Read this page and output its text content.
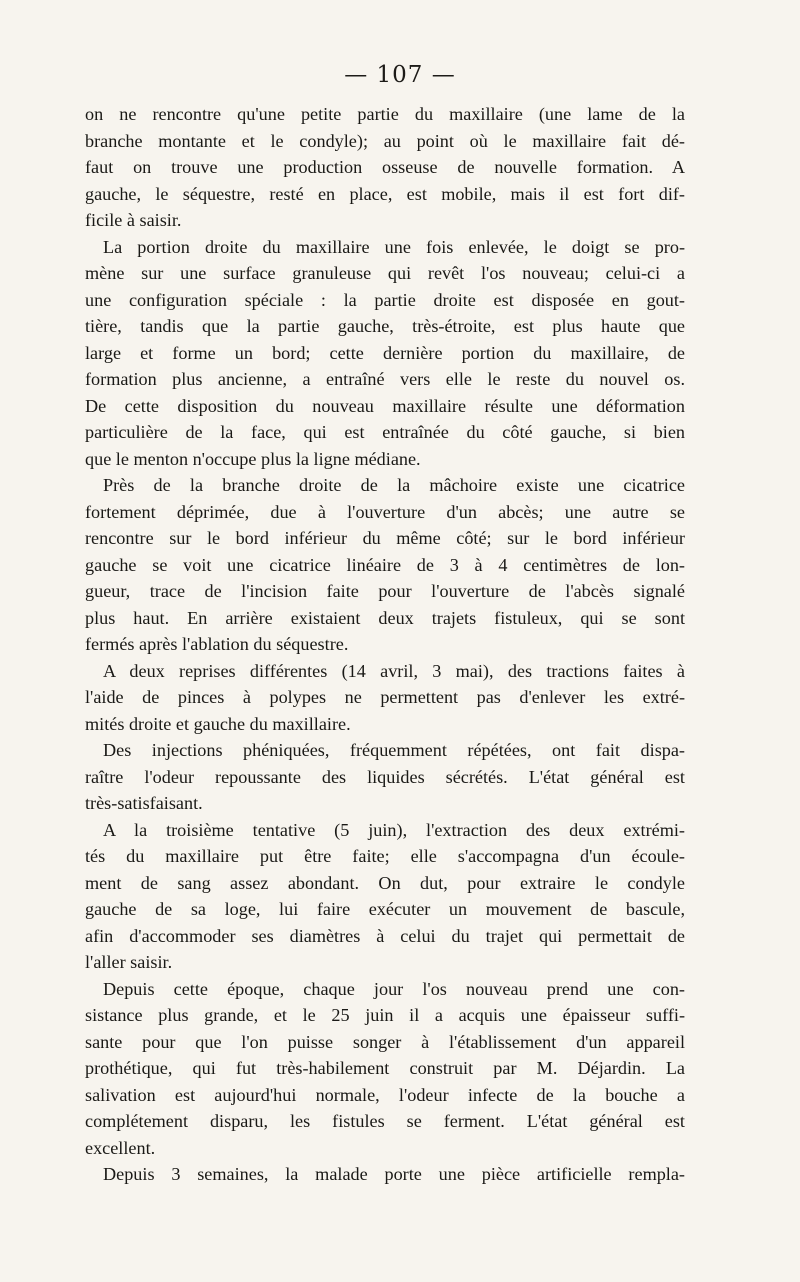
— 107 —
on ne rencontre qu'une petite partie du maxillaire (une lame de la
branche montante et le condyle); au point où le maxillaire fait dé-
faut on trouve une production osseuse de nouvelle formation. A
gauche, le séquestre, resté en place, est mobile, mais il est fort dif-
ficile à saisir.
La portion droite du maxillaire une fois enlevée, le doigt se pro-
mène sur une surface granuleuse qui revêt l'os nouveau; celui-ci a
une configuration spéciale : la partie droite est disposée en gout-
tière, tandis que la partie gauche, très-étroite, est plus haute que
large et forme un bord; cette dernière portion du maxillaire, de
formation plus ancienne, a entraîné vers elle le reste du nouvel os.
De cette disposition du nouveau maxillaire résulte une déformation
particulière de la face, qui est entraînée du côté gauche, si bien
que le menton n'occupe plus la ligne médiane.
Près de la branche droite de la mâchoire existe une cicatrice
fortement déprimée, due à l'ouverture d'un abcès; une autre se
rencontre sur le bord inférieur du même côté; sur le bord inférieur
gauche se voit une cicatrice linéaire de 3 à 4 centimètres de lon-
gueur, trace de l'incision faite pour l'ouverture de l'abcès signalé
plus haut. En arrière existaient deux trajets fistuleux, qui se sont
fermés après l'ablation du séquestre.
A deux reprises différentes (14 avril, 3 mai), des tractions faites à
l'aide de pinces à polypes ne permettent pas d'enlever les extré-
mités droite et gauche du maxillaire.
Des injections phéniquées, fréquemment répétées, ont fait dispa-
raître l'odeur repoussante des liquides sécrétés. L'état général est
très-satisfaisant.
A la troisième tentative (5 juin), l'extraction des deux extrémi-
tés du maxillaire put être faite; elle s'accompagna d'un écoule-
ment de sang assez abondant. On dut, pour extraire le condyle
gauche de sa loge, lui faire exécuter un mouvement de bascule,
afin d'accommoder ses diamètres à celui du trajet qui permettait de
l'aller saisir.
Depuis cette époque, chaque jour l'os nouveau prend une con-
sistance plus grande, et le 25 juin il a acquis une épaisseur suffi-
sante pour que l'on puisse songer à l'établissement d'un appareil
prothétique, qui fut très-habilement construit par M. Déjardin. La
salivation est aujourd'hui normale, l'odeur infecte de la bouche a
complétement disparu, les fistules se ferment. L'état général est
excellent.
Depuis 3 semaines, la malade porte une pièce artificielle rempla-
